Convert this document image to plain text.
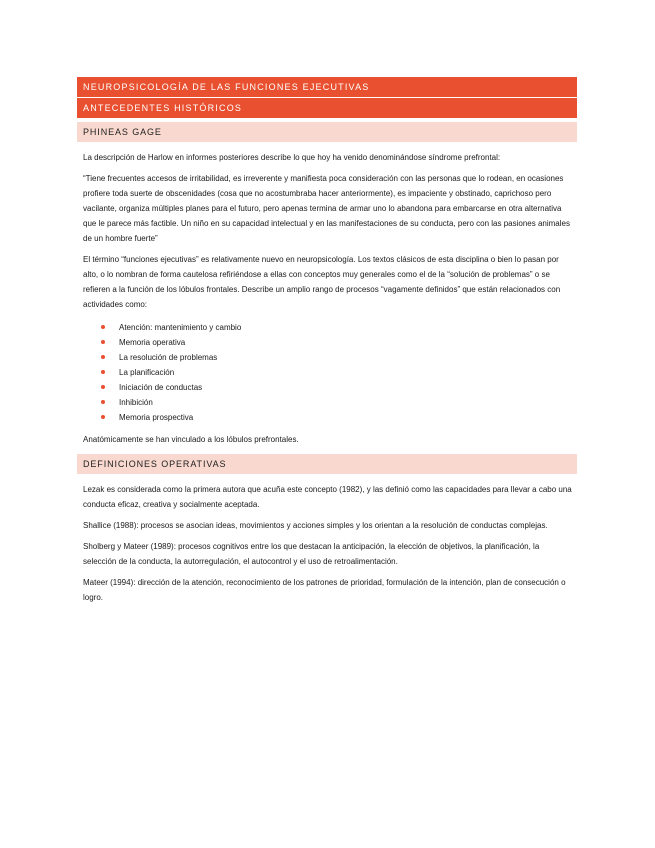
NEUROPSICOLOGÍA DE LAS FUNCIONES EJECUTIVAS
ANTECEDENTES HISTÓRICOS
PHINEAS GAGE

La descripción de Harlow en informes posteriores describe lo que hoy ha venido denominándose síndrome prefrontal:

“Tiene frecuentes accesos de irritabilidad, es irreverente y manifiesta poca consideración con las personas que lo rodean, en ocasiones profiere toda suerte de obscenidades (cosa que no acostumbraba hacer anteriormente), es impaciente y obstinado, caprichoso pero vacilante, organiza múltiples planes para el futuro, pero apenas termina de armar uno lo abandona para embarcarse en otra alternativa que le parece más factible. Un niño en su capacidad intelectual y en las manifestaciones de su conducta, pero con las pasiones animales de un hombre fuerte”

El término “funciones ejecutivas” es relativamente nuevo en neuropsicología. Los textos clásicos de esta disciplina o bien lo pasan por alto, o lo nombran de forma cautelosa refiriéndose a ellas con conceptos muy generales como el de la “solución de problemas” o se refieren a la función de los lóbulos frontales. Describe un amplio rango de procesos “vagamente definidos” que están relacionados con actividades como:

Atención: mantenimiento y cambio
Memoria operativa
La resolución de problemas
La planificación
Iniciación de conductas
Inhibición
Memoria prospectiva

Anatómicamente se han vinculado a los lóbulos prefrontales.

DEFINICIONES OPERATIVAS

Lezak es considerada como la primera autora que acuña este concepto (1982), y las definió como las capacidades para llevar a cabo una conducta eficaz, creativa y socialmente aceptada.

Shallice (1988): procesos se asocian ideas, movimientos y acciones simples y los orientan a la resolución de conductas complejas.

Sholberg y Mateer (1989): procesos cognitivos entre los que destacan la anticipación, la elección de objetivos, la planificación, la selección de la conducta, la autorregulación, el autocontrol y el uso de retroalimentación.

Mateer (1994): dirección de la atención, reconocimiento de los patrones de prioridad, formulación de la intención, plan de consecución o logro.
